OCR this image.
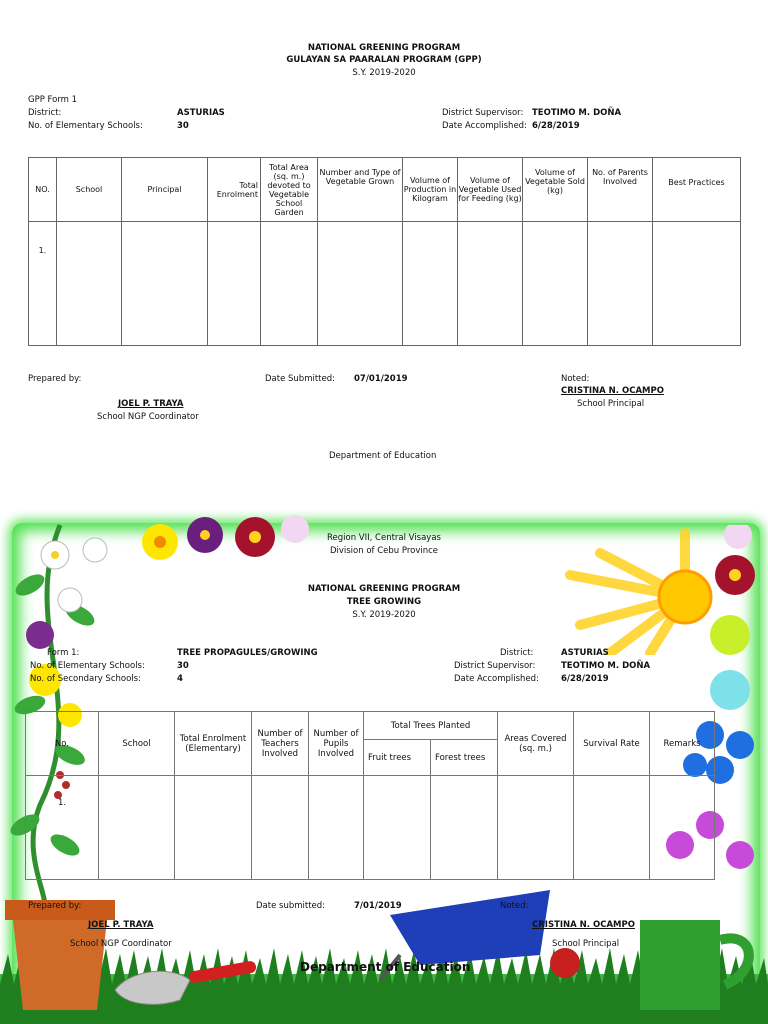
NATIONAL GREENING PROGRAM
GULAYAN SA PAARALAN PROGRAM (GPP)
S.Y. 2019-2020
GPP Form 1
District:	ASTURIAS
No. of Elementary Schools:	30
District Supervisor: TEOTIMO M. DOÑA
Date Accomplished: 6/28/2019
NO.	School	Principal	Total Enrolment	Total Area (sq. m.) devoted to Vegetable School Garden	Number and Type of Vegetable Grown	Volume of Production in Kilogram	Volume of Vegetable Used for Feeding (kg)	Volume of Vegetable Sold (kg)	No. of Parents Involved	Best Practices
1.										
Prepared by:
JOEL P. TRAYA
School NGP Coordinator
Date Submitted: 07/01/2019	Noted:
CRISTINA N. OCAMPO
School Principal
Department of Education
Region VII, Central Visayas
Division of Cebu Province
NATIONAL GREENING PROGRAM
TREE GROWING
S.Y. 2019-2020
Form 1:	TREE PROPAGULES/GROWING
No. of Elementary Schools:	30
No. of Secondary Schools:	4
District:	ASTURIAS
District Supervisor:	TEOTIMO M. DOÑA
Date Accomplished:	6/28/2019
No.	School	Total Enrolment (Elementary)	Number of Teachers Involved	Number of Pupils Involved	Total Trees Planted		Areas Covered (sq. m.)	Survival Rate	Remarks
					Fruit trees	Forest trees			
1.									
Prepared by:
JOEL P. TRAYA
School NGP Coordinator
Date submitted:	7/01/2019	Noted:
CRISTINA N. OCAMPO
School Principal
Department of Education
